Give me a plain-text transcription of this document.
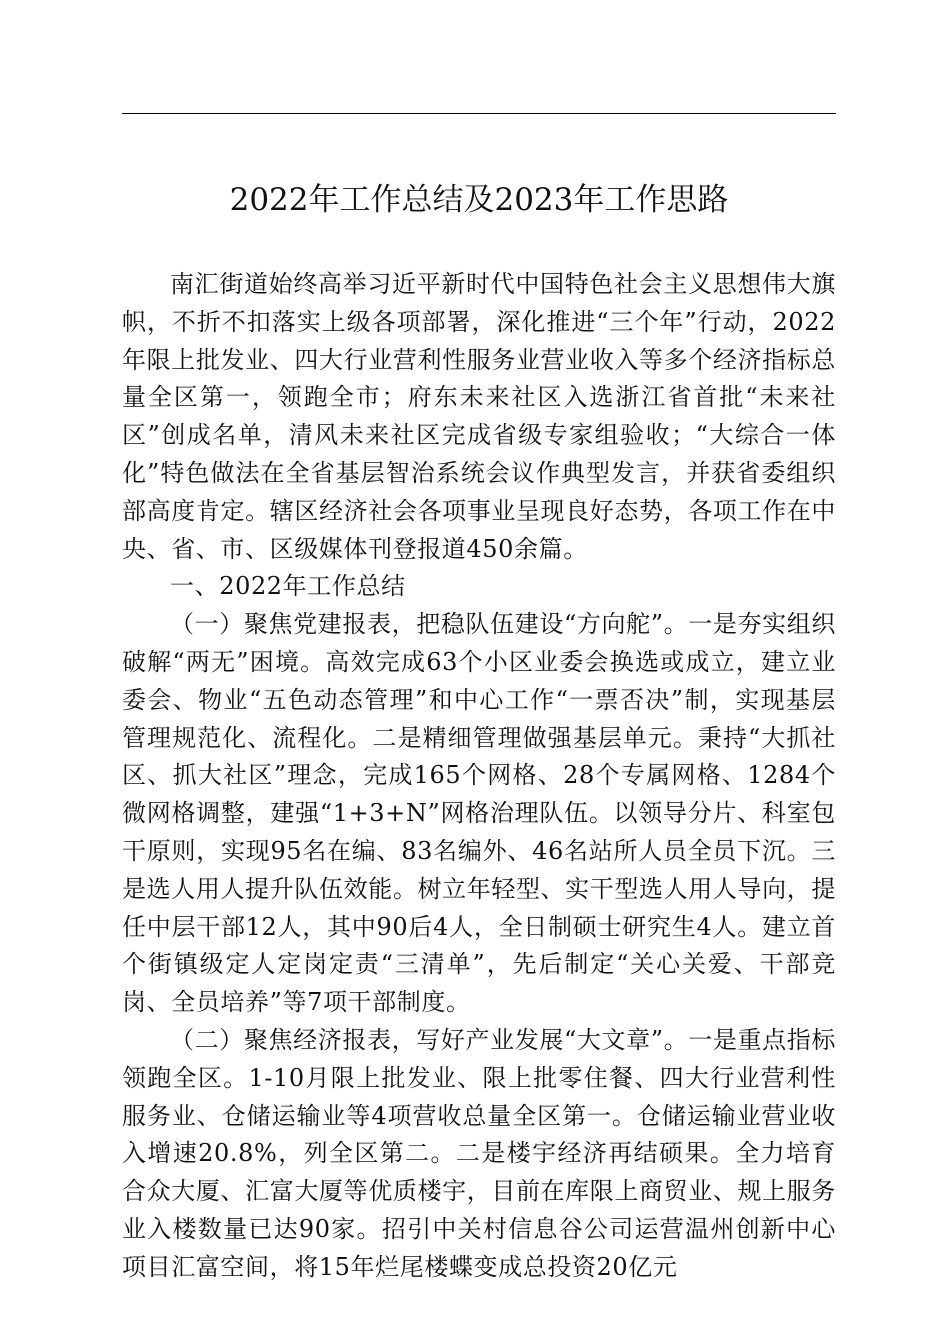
2022年工作总结及2023年工作思路

南汇街道始终高举习近平新时代中国特色社会主义思想伟大旗帜，不折不扣落实上级各项部署，深化推进“三个年”行动，2022年限上批发业、四大行业营利性服务业营业收入等多个经济指标总量全区第一，领跑全市；府东未来社区入选浙江省首批“未来社区”创成名单，清风未来社区完成省级专家组验收；“大综合一体化”特色做法在全省基层智治系统会议作典型发言，并获省委组织部高度肯定。辖区经济社会各项事业呈现良好态势，各项工作在中央、省、市、区级媒体刊登报道450余篇。

一、2022年工作总结

（一）聚焦党建报表，把稳队伍建设“方向舵”。一是夯实组织破解“两无”困境。高效完成63个小区业委会换选或成立，建立业委会、物业“五色动态管理”和中心工作“一票否决”制，实现基层管理规范化、流程化。二是精细管理做强基层单元。秉持“大抓社区、抓大社区”理念，完成165个网格、28个专属网格、1284个微网格调整，建强“1+3+N”网格治理队伍。以领导分片、科室包干原则，实现95名在编、83名编外、46名站所人员全员下沉。三是选人用人提升队伍效能。树立年轻型、实干型选人用人导向，提任中层干部12人，其中90后4人，全日制硕士研究生4人。建立首个街镇级定人定岗定责“三清单”，先后制定“关心关爱、干部竞岗、全员培养”等7项干部制度。

（二）聚焦经济报表，写好产业发展“大文章”。一是重点指标领跑全区。1-10月限上批发业、限上批零住餐、四大行业营利性服务业、仓储运输业等4项营收总量全区第一。仓储运输业营业收入增速20.8%，列全区第二。二是楼宇经济再结硕果。全力培育合众大厦、汇富大厦等优质楼宇，目前在库限上商贸业、规上服务业入楼数量已达90家。招引中关村信息谷公司运营温州创新中心项目汇富空间，将15年烂尾楼蝶变成总投资20亿元
